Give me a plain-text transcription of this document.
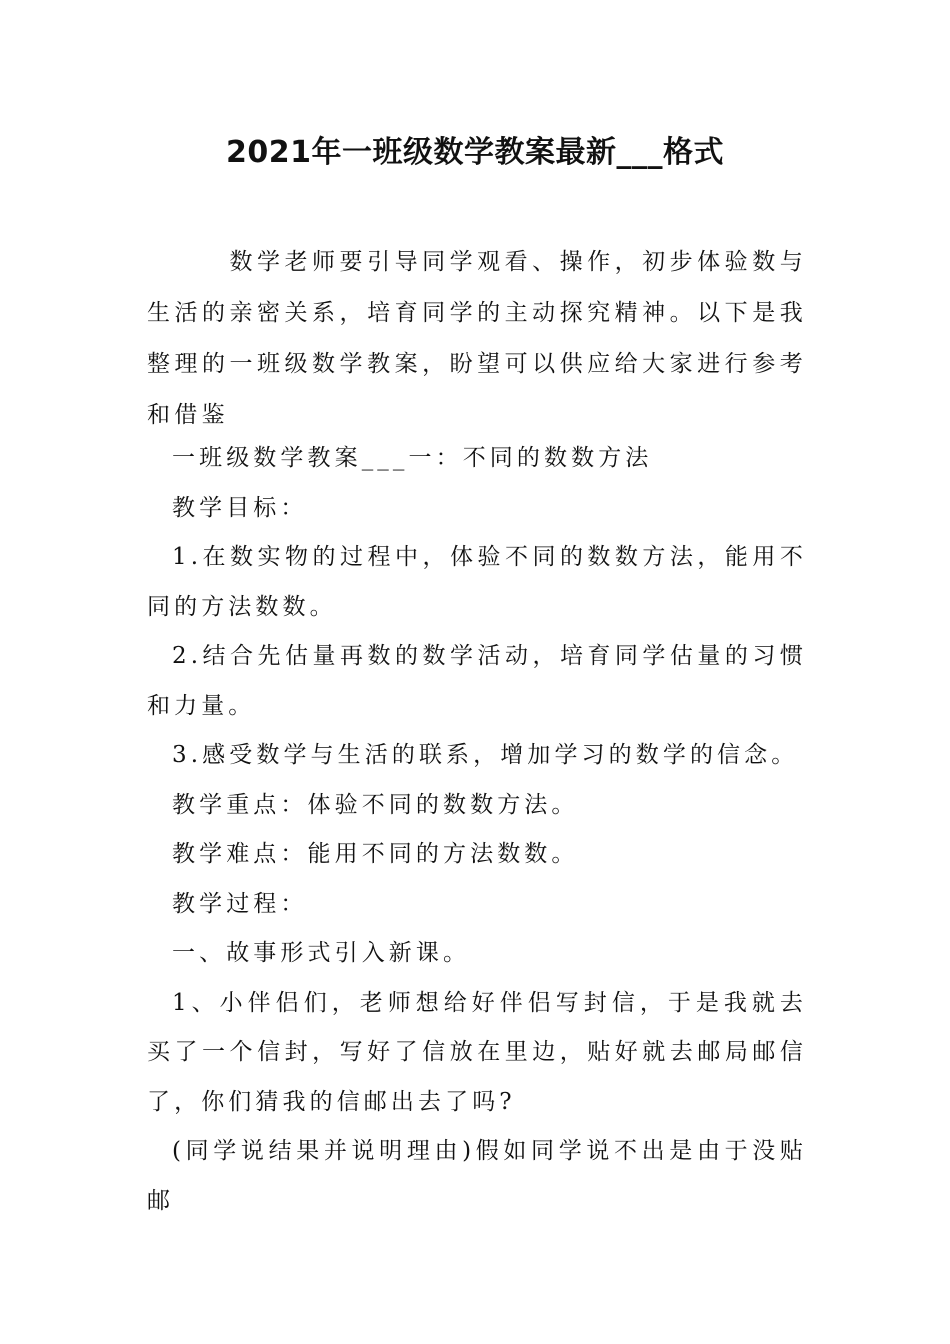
2021年一班级数学教案最新___格式
　　　数学老师要引导同学观看、操作，初步体验数与生活的亲密关系，培育同学的主动探究精神。以下是我整理的一班级数学教案，盼望可以供应给大家进行参考和借鉴

一班级数学教案___一：不同的数数方法

教学目标：

1.在数实物的过程中，体验不同的数数方法，能用不同的方法数数。

2.结合先估量再数的数学活动，培育同学估量的习惯和力量。

3.感受数学与生活的联系，增加学习的数学的信念。

教学重点：体验不同的数数方法。

教学难点：能用不同的方法数数。

教学过程：

一、故事形式引入新课。

1、小伴侣们，老师想给好伴侣写封信，于是我就去买了一个信封，写好了信放在里边，贴好就去邮局邮信了，你们猜我的信邮出去了吗?

(同学说结果并说明理由)假如同学说不出是由于没贴邮
